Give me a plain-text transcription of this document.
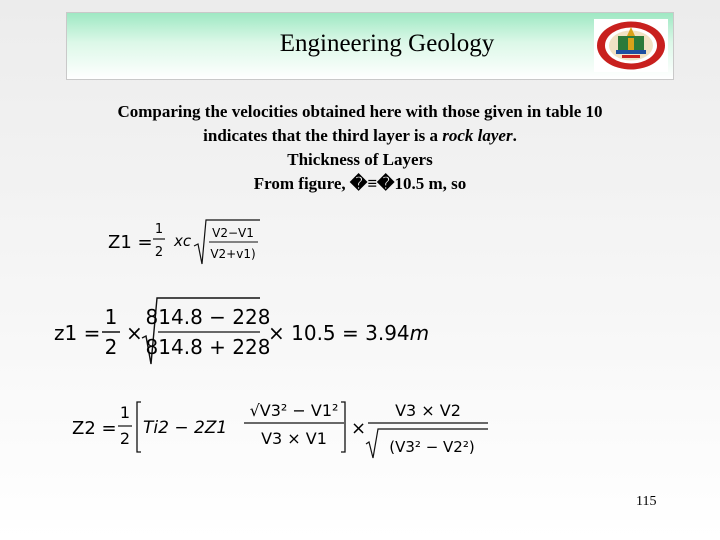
Engineering Geology
Comparing the velocities obtained here with those given in table 10
indicates that the third layer is a rock layer.
Thickness of Layers
From figure, �≡�10.5 m, so
Z1 =
1
2
xc V2−V1
V2+v1)
z1 =
1
2
×
814.8 − 228
814.8 + 228
× 10.5 = 3.94m
Z2 =
1
2
Ti2 − 2Z1
√V3² − V1²
V3 × V1 ×
V3 × V2
(V3² − V2²)
115
